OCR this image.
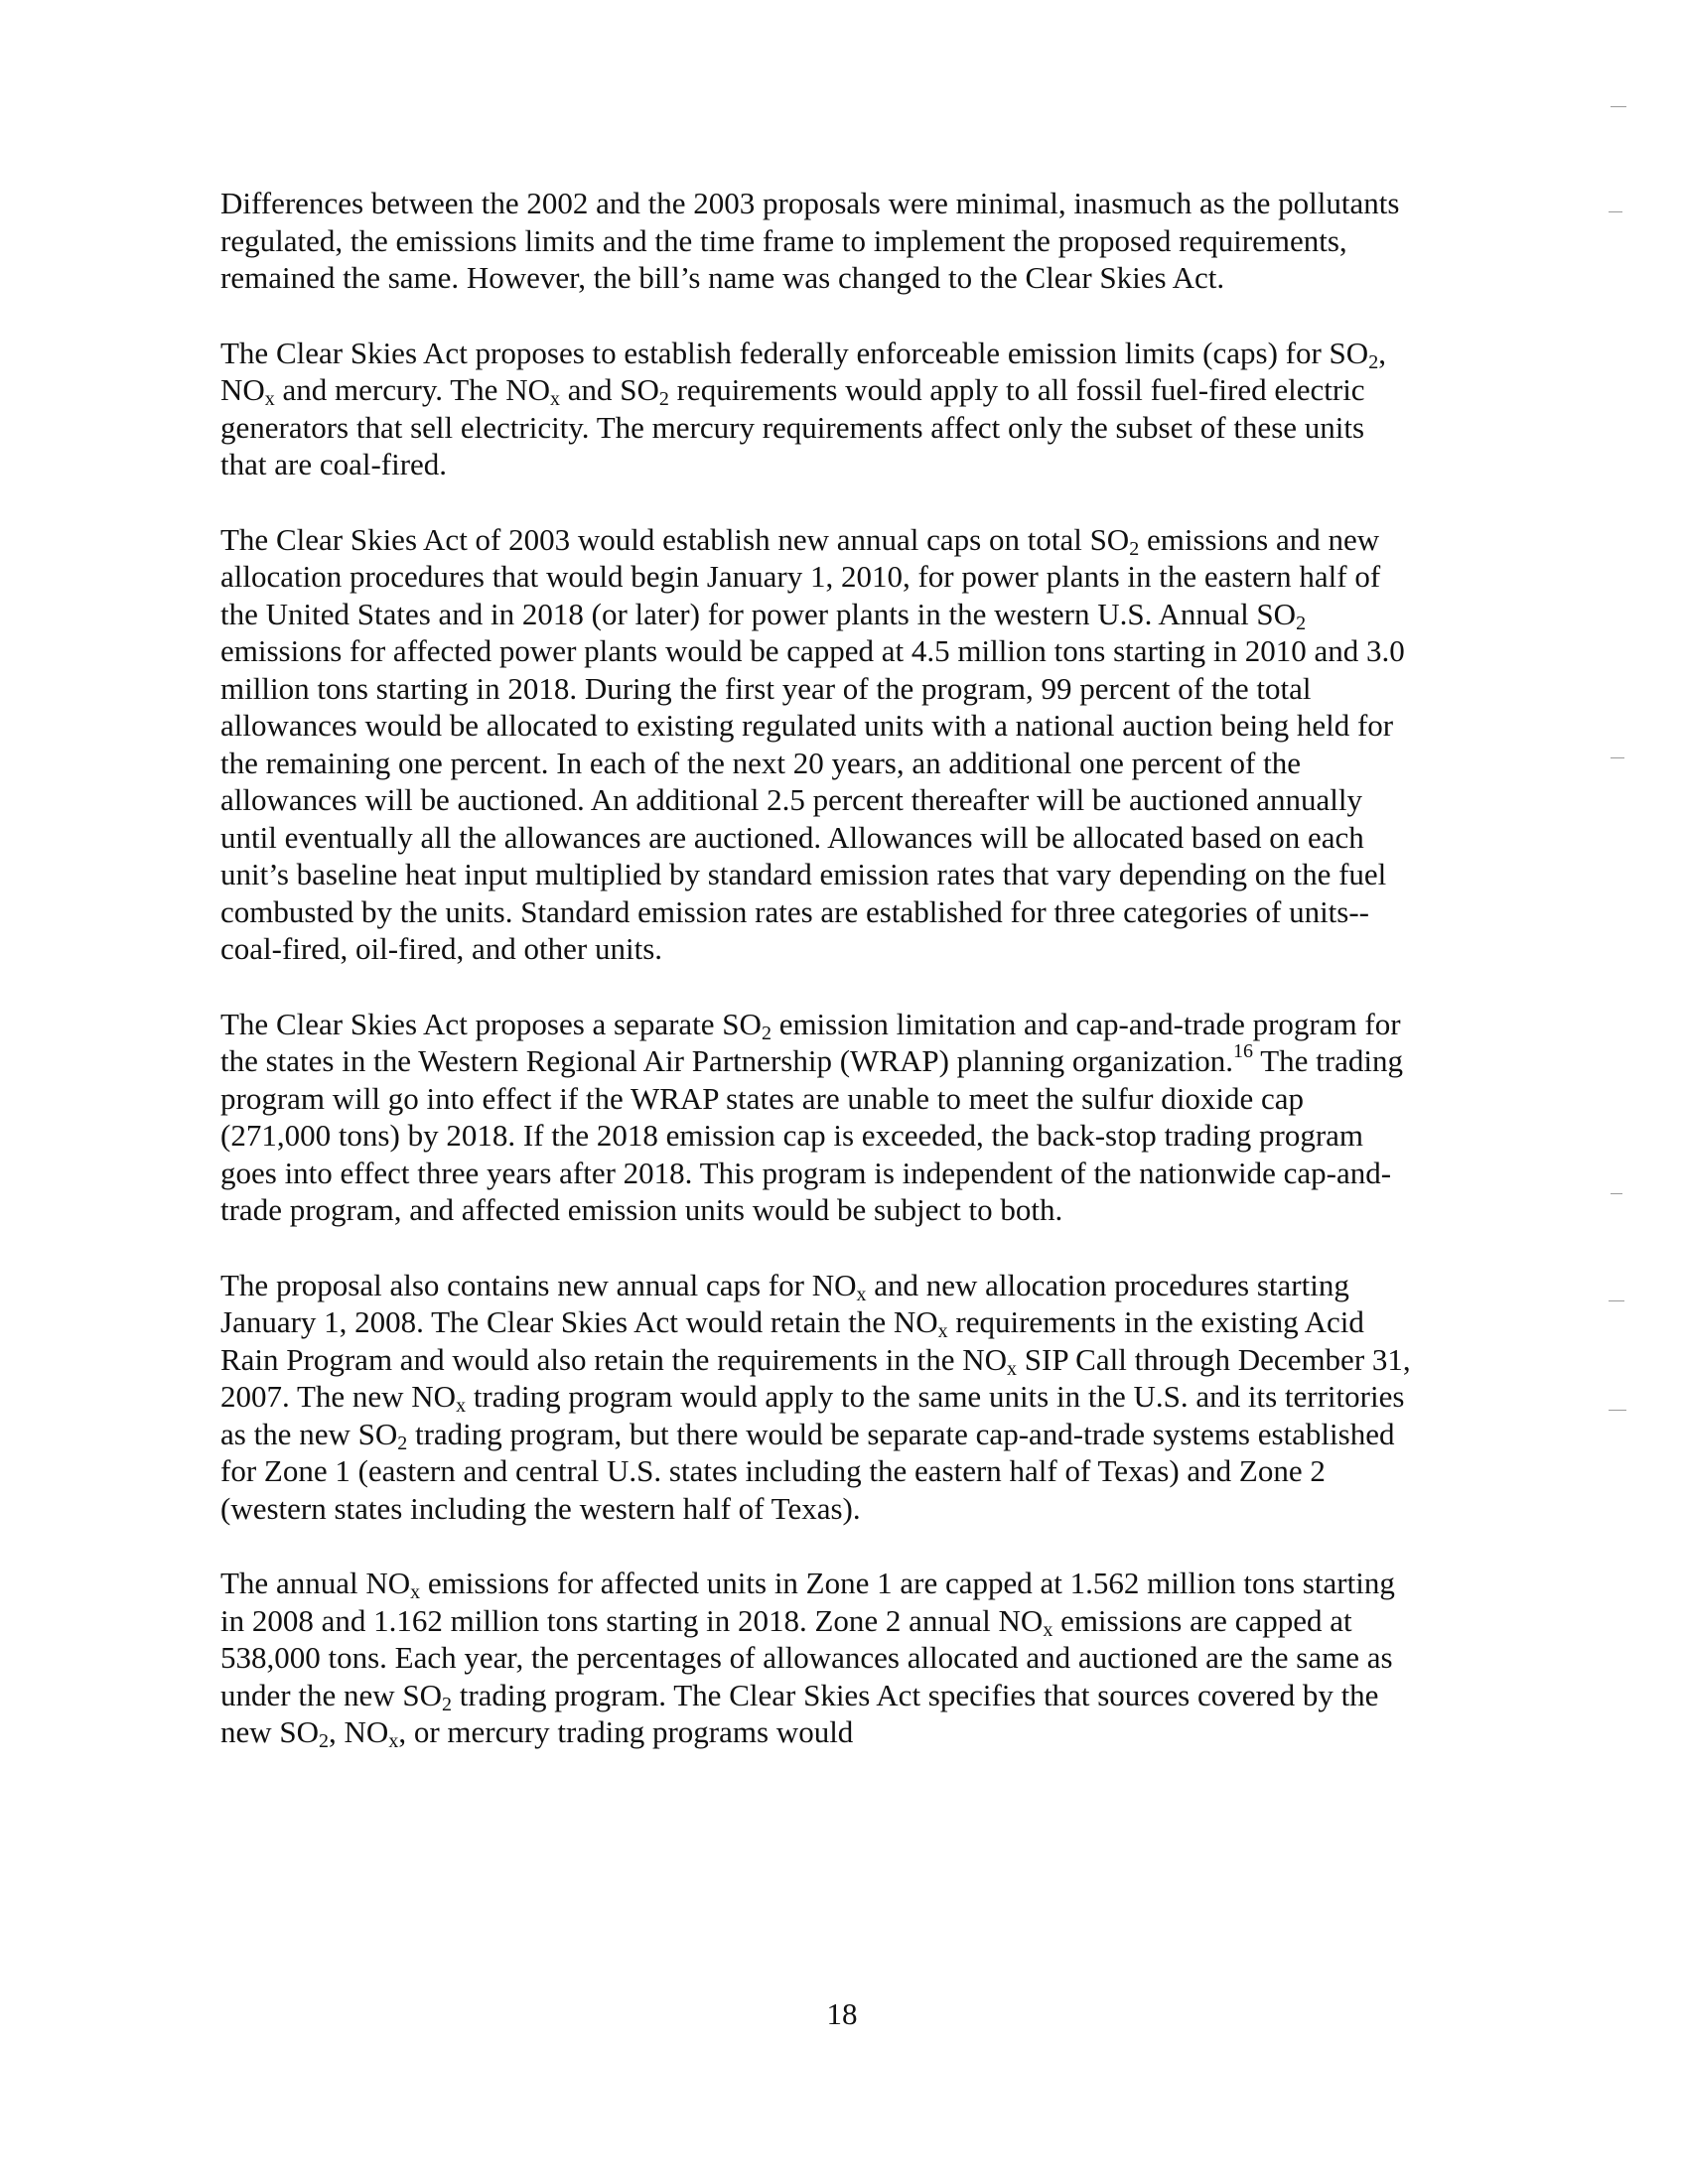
Differences between the 2002 and the 2003 proposals were minimal, inasmuch as the pollutants regulated, the emissions limits and the time frame to implement the proposed requirements, remained the same. However, the bill’s name was changed to the Clear Skies Act.

The Clear Skies Act proposes to establish federally enforceable emission limits (caps) for $SO_2$, $NO_x$ and mercury. The $NO_x$ and $SO_2$ requirements would apply to all fossil fuel-fired electric generators that sell electricity. The mercury requirements affect only the subset of these units that are coal-fired.

The Clear Skies Act of 2003 would establish new annual caps on total $SO_2$ emissions and new allocation procedures that would begin January 1, 2010, for power plants in the eastern half of the United States and in 2018 (or later) for power plants in the western U.S. Annual $SO_2$ emissions for affected power plants would be capped at 4.5 million tons starting in 2010 and 3.0 million tons starting in 2018. During the first year of the program, 99 percent of the total allowances would be allocated to existing regulated units with a national auction being held for the remaining one percent. In each of the next 20 years, an additional one percent of the allowances will be auctioned. An additional 2.5 percent thereafter will be auctioned annually until eventually all the allowances are auctioned. Allowances will be allocated based on each unit’s baseline heat input multiplied by standard emission rates that vary depending on the fuel combusted by the units. Standard emission rates are established for three categories of units--coal-fired, oil-fired, and other units.

The Clear Skies Act proposes a separate $SO_2$ emission limitation and cap-and-trade program for the states in the Western Regional Air Partnership (WRAP) planning organization.$^{16}$ The trading program will go into effect if the WRAP states are unable to meet the sulfur dioxide cap (271,000 tons) by 2018. If the 2018 emission cap is exceeded, the back-stop trading program goes into effect three years after 2018. This program is independent of the nationwide cap-and-trade program, and affected emission units would be subject to both.

The proposal also contains new annual caps for $NO_x$ and new allocation procedures starting January 1, 2008. The Clear Skies Act would retain the $NO_x$ requirements in the existing Acid Rain Program and would also retain the requirements in the $NO_x$ SIP Call through December 31, 2007. The new $NO_x$ trading program would apply to the same units in the U.S. and its territories as the new $SO_2$ trading program, but there would be separate cap-and-trade systems established for Zone 1 (eastern and central U.S. states including the eastern half of Texas) and Zone 2 (western states including the western half of Texas).

The annual $NO_x$ emissions for affected units in Zone 1 are capped at 1.562 million tons starting in 2008 and 1.162 million tons starting in 2018. Zone 2 annual $NO_x$ emissions are capped at 538,000 tons. Each year, the percentages of allowances allocated and auctioned are the same as under the new $SO_2$ trading program. The Clear Skies Act specifies that sources covered by the new $SO_2$, $NO_x$, or mercury trading programs would

18
